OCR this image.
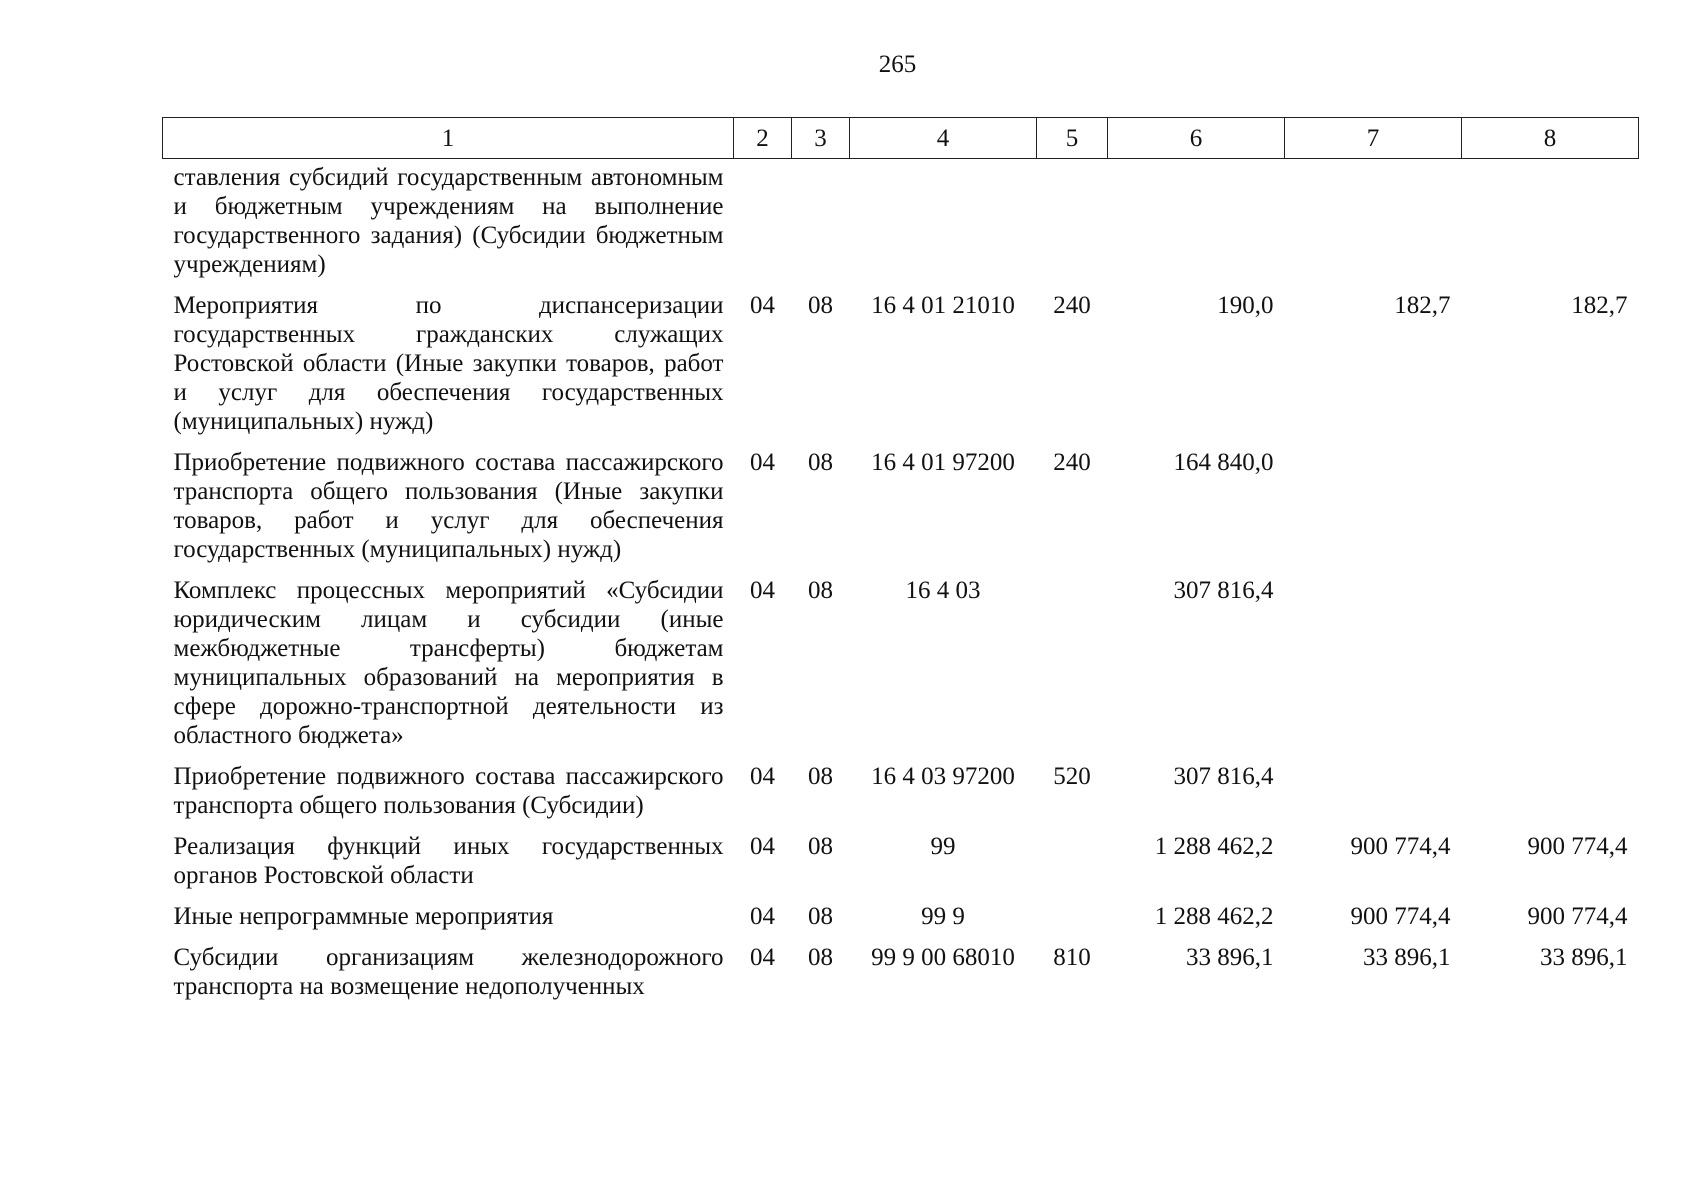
265
1	2	3	4	5	6	7	8
ставления субсидий государственным автономным и бюджетным учреждениям на выполнение государственного задания) (Субсидии бюджетным учреждениям)							
Мероприятия по диспансеризации государственных гражданских служащих Ростовской области (Иные закупки товаров, работ и услуг для обеспечения государственных (муниципальных) нужд)	04	08	16 4 01 21010	240	190,0	182,7	182,7
Приобретение подвижного состава пассажирского транспорта общего пользования (Иные закупки товаров, работ и услуг для обеспечения государственных (муниципальных) нужд)	04	08	16 4 01 97200	240	164 840,0		
Комплекс процессных мероприятий «Субсидии юридическим лицам и субсидии (иные межбюджетные трансферты) бюджетам муниципальных образований на мероприятия в сфере дорожно-транспортной деятельности из областного бюджета»	04	08	16 4 03		307 816,4		
Приобретение подвижного состава пассажирского транспорта общего пользования (Субсидии)	04	08	16 4 03 97200	520	307 816,4		
Реализация функций иных государственных органов Ростовской области	04	08	99		1 288 462,2	900 774,4	900 774,4
Иные непрограммные мероприятия	04	08	99 9		1 288 462,2	900 774,4	900 774,4
Субсидии организациям железнодорожного транспорта на возмещение недополученных	04	08	99 9 00 68010	810	33 896,1	33 896,1	33 896,1
